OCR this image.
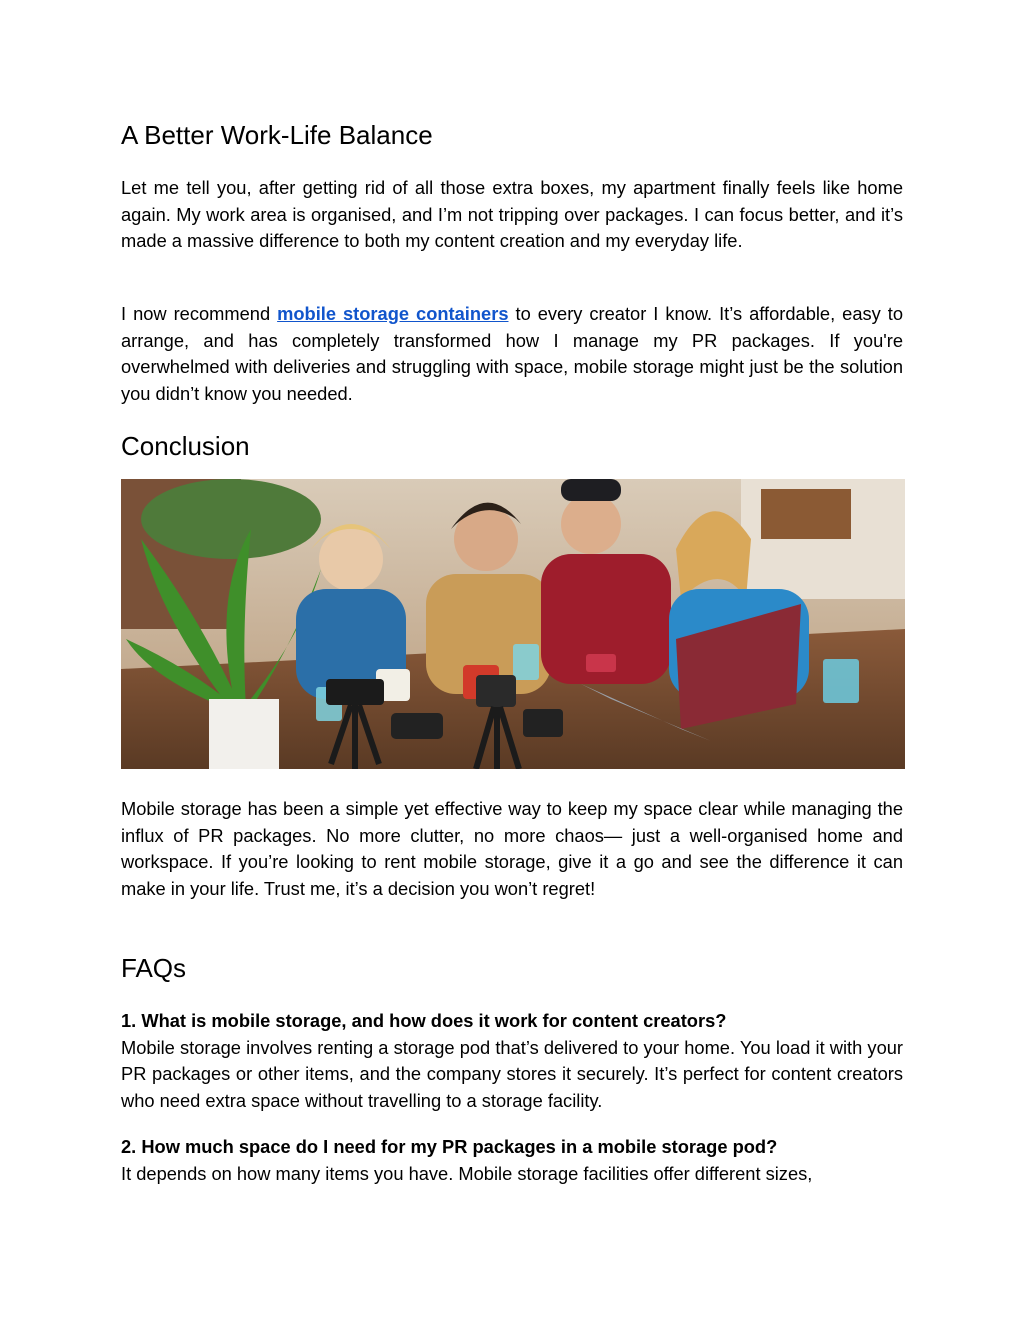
A Better Work-Life Balance

Let me tell you, after getting rid of all those extra boxes, my apartment finally feels like home again. My work area is organised, and I’m not tripping over packages. I can focus better, and it’s made a massive difference to both my content creation and my everyday life.

I now recommend mobile storage containers to every creator I know. It’s affordable, easy to arrange, and has completely transformed how I manage my PR packages. If you're overwhelmed with deliveries and struggling with space, mobile storage might just be the solution you didn’t know you needed.

Conclusion

Mobile storage has been a simple yet effective way to keep my space clear while managing the influx of PR packages. No more clutter, no more chaos— just a well-organised home and workspace. If you’re looking to rent mobile storage, give it a go and see the difference it can make in your life. Trust me, it’s a decision you won’t regret!

FAQs

1. What is mobile storage, and how does it work for content creators?
Mobile storage involves renting a storage pod that’s delivered to your home. You load it with your PR packages or other items, and the company stores it securely. It’s perfect for content creators who need extra space without travelling to a storage facility.

2. How much space do I need for my PR packages in a mobile storage pod?
It depends on how many items you have. Mobile storage facilities offer different sizes,
